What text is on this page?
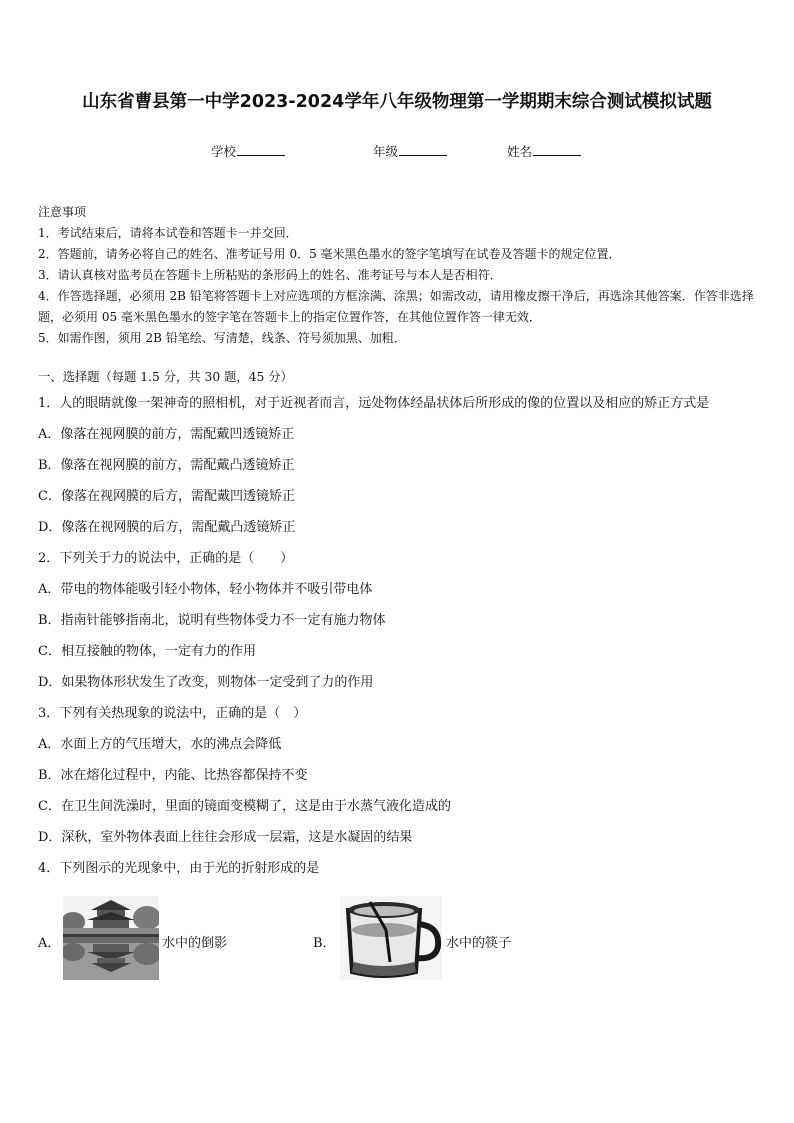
山东省曹县第一中学2023-2024学年八年级物理第一学期期末综合测试模拟试题
学校	年级	姓名
注意事项
1．考试结束后，请将本试卷和答题卡一并交回．
2．答题前，请务必将自己的姓名、准考证号用 0．5 毫米黑色墨水的签字笔填写在试卷及答题卡的规定位置．
3．请认真核对监考员在答题卡上所粘贴的条形码上的姓名、准考证号与本人是否相符．
4．作答选择题，必须用 2B 铅笔将答题卡上对应选项的方框涂满、涂黑；如需改动，请用橡皮擦干净后，再选涂其他答案．作答非选择题，必须用 05 毫米黑色墨水的签字笔在答题卡上的指定位置作答，在其他位置作答一律无效．
5．如需作图，须用 2B 铅笔绘、写清楚，线条、符号须加黑、加粗．
一、选择题（每题 1.5 分，共 30 题，45 分）
1．人的眼睛就像一架神奇的照相机，对于近视者而言，远处物体经晶状体后所形成的像的位置以及相应的矫正方式是
A．像落在视网膜的前方，需配戴凹透镜矫正
B．像落在视网膜的前方，需配戴凸透镜矫正
C．像落在视网膜的后方，需配戴凹透镜矫正
D．像落在视网膜的后方，需配戴凸透镜矫正
2．下列关于力的说法中，正确的是（　　）
A．带电的物体能吸引轻小物体，轻小物体并不吸引带电体
B．指南针能够指南北，说明有些物体受力不一定有施力物体
C．相互接触的物体，一定有力的作用
D．如果物体形状发生了改变，则物体一定受到了力的作用
3．下列有关热现象的说法中，正确的是（　）
A．水面上方的气压增大，水的沸点会降低
B．冰在熔化过程中，内能、比热容都保持不变
C．在卫生间洗澡时，里面的镜面变模糊了，这是由于水蒸气液化造成的
D．深秋，室外物体表面上往往会形成一层霜，这是水凝固的结果
4．下列图示的光现象中，由于光的折射形成的是
A．	水中的倒影	B．	水中的筷子
